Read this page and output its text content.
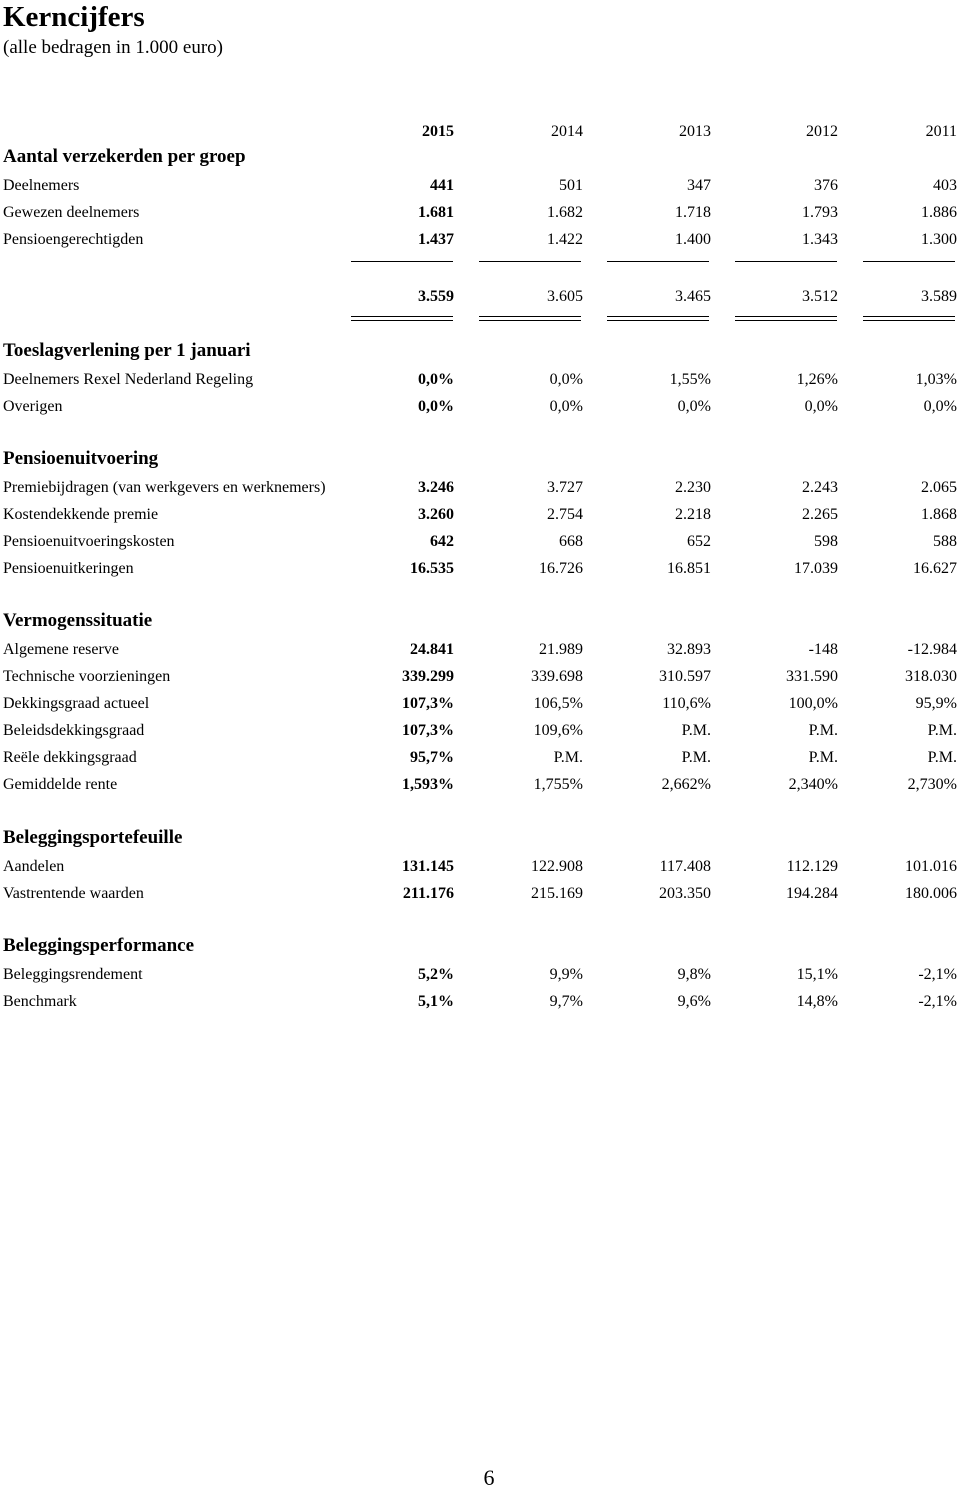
Kerncijfers
(alle bedragen in 1.000 euro)
2015	2014	2013	2012	2011
Aantal verzekerden per groep
Deelnemers	441	501	347	376	403
Gewezen deelnemers	1.681	1.682	1.718	1.793	1.886
Pensioengerechtigden	1.437	1.422	1.400	1.343	1.300
3.559	3.605	3.465	3.512	3.589
Toeslagverlening per 1 januari
Deelnemers Rexel Nederland Regeling	0,0%	0,0%	1,55%	1,26%	1,03%
Overigen	0,0%	0,0%	0,0%	0,0%	0,0%
Pensioenuitvoering
Premiebijdragen (van werkgevers en werknemers)	3.246	3.727	2.230	2.243	2.065
Kostendekkende premie	3.260	2.754	2.218	2.265	1.868
Pensioenuitvoeringskosten	642	668	652	598	588
Pensioenuitkeringen	16.535	16.726	16.851	17.039	16.627
Vermogenssituatie
Algemene reserve	24.841	21.989	32.893	-148	-12.984
Technische voorzieningen	339.299	339.698	310.597	331.590	318.030
Dekkingsgraad actueel	107,3%	106,5%	110,6%	100,0%	95,9%
Beleidsdekkingsgraad	107,3%	109,6%	P.M.	P.M.	P.M.
Reële dekkingsgraad	95,7%	P.M.	P.M.	P.M.	P.M.
Gemiddelde rente	1,593%	1,755%	2,662%	2,340%	2,730%
Beleggingsportefeuille
Aandelen	131.145	122.908	117.408	112.129	101.016
Vastrentende waarden	211.176	215.169	203.350	194.284	180.006
Beleggingsperformance
Beleggingsrendement	5,2%	9,9%	9,8%	15,1%	-2,1%
Benchmark	5,1%	9,7%	9,6%	14,8%	-2,1%
6
